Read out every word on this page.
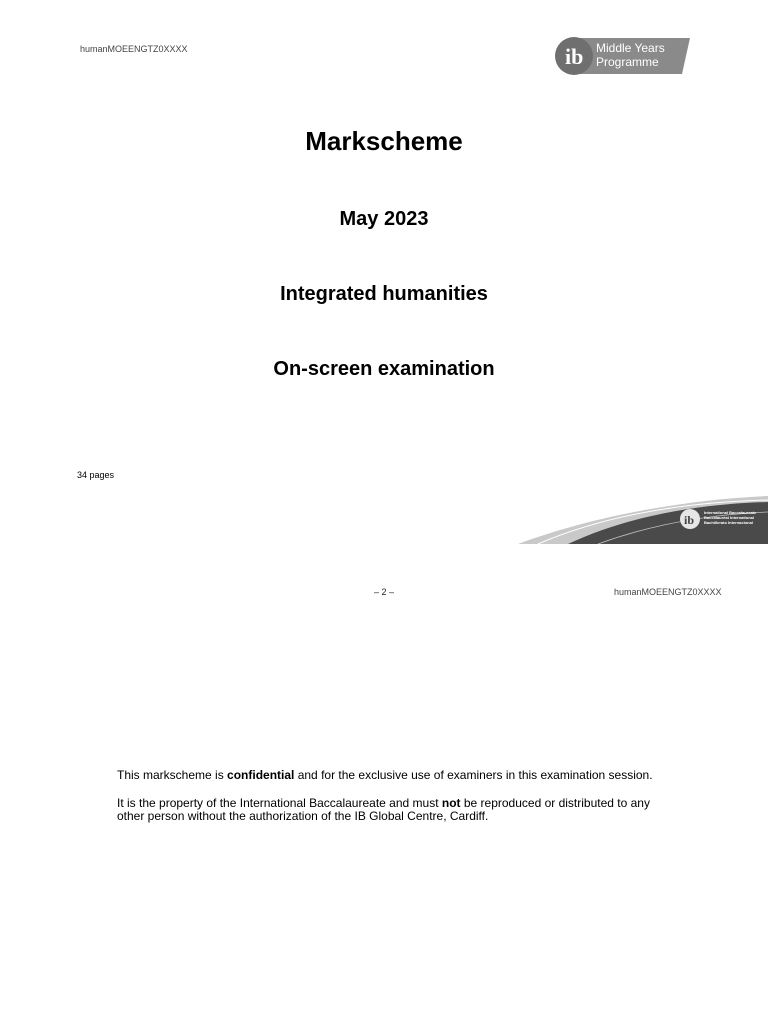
humanMOEENGTZ0XXXX	ib Middle Years
Programme
Markscheme
May 2023
Integrated humanities
On-screen examination
34 pages
ib
International Baccalaureate
Baccalauréat International
Bachillerato Internacional
– 2 –	humanMOEENGTZ0XXXX
This markscheme is confidential and for the exclusive use of examiners in this examination session.
It is the property of the International Baccalaureate and must not be reproduced or distributed to any other person without the authorization of the IB Global Centre, Cardiff.
